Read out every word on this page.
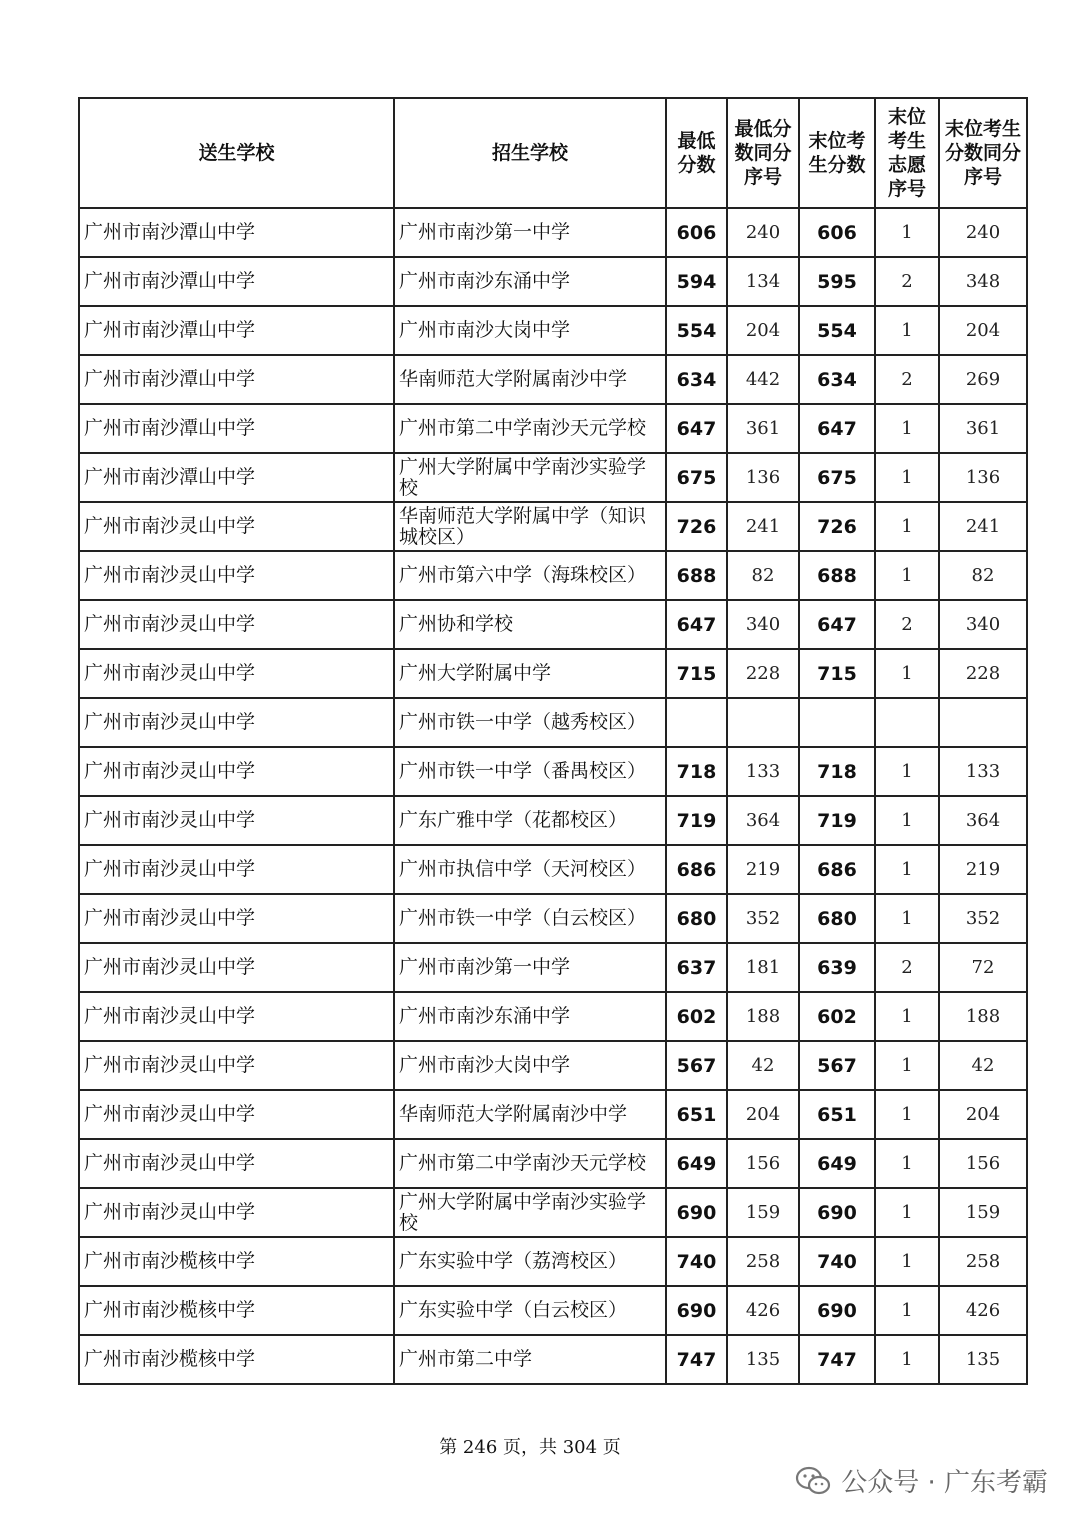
送生学校	招生学校	最低分数	最低分数同分序号	末位考生分数	末位考生志愿序号	末位考生分数同分序号
广州市南沙潭山中学	广州市南沙第一中学	606	240	606	1	240
广州市南沙潭山中学	广州市南沙东涌中学	594	134	595	2	348
广州市南沙潭山中学	广州市南沙大岗中学	554	204	554	1	204
广州市南沙潭山中学	华南师范大学附属南沙中学	634	442	634	2	269
广州市南沙潭山中学	广州市第二中学南沙天元学校	647	361	647	1	361
广州市南沙潭山中学	广州大学附属中学南沙实验学校	675	136	675	1	136
广州市南沙灵山中学	华南师范大学附属中学（知识城校区）	726	241	726	1	241
广州市南沙灵山中学	广州市第六中学（海珠校区）	688	82	688	1	82
广州市南沙灵山中学	广州协和学校	647	340	647	2	340
广州市南沙灵山中学	广州大学附属中学	715	228	715	1	228
广州市南沙灵山中学	广州市铁一中学（越秀校区）					
广州市南沙灵山中学	广州市铁一中学（番禺校区）	718	133	718	1	133
广州市南沙灵山中学	广东广雅中学（花都校区）	719	364	719	1	364
广州市南沙灵山中学	广州市执信中学（天河校区）	686	219	686	1	219
广州市南沙灵山中学	广州市铁一中学（白云校区）	680	352	680	1	352
广州市南沙灵山中学	广州市南沙第一中学	637	181	639	2	72
广州市南沙灵山中学	广州市南沙东涌中学	602	188	602	1	188
广州市南沙灵山中学	广州市南沙大岗中学	567	42	567	1	42
广州市南沙灵山中学	华南师范大学附属南沙中学	651	204	651	1	204
广州市南沙灵山中学	广州市第二中学南沙天元学校	649	156	649	1	156
广州市南沙灵山中学	广州大学附属中学南沙实验学校	690	159	690	1	159
广州市南沙榄核中学	广东实验中学（荔湾校区）	740	258	740	1	258
广州市南沙榄核中学	广东实验中学（白云校区）	690	426	690	1	426
广州市南沙榄核中学	广州市第二中学	747	135	747	1	135
第 246 页，共 304 页
公众号 · 广东考霸
